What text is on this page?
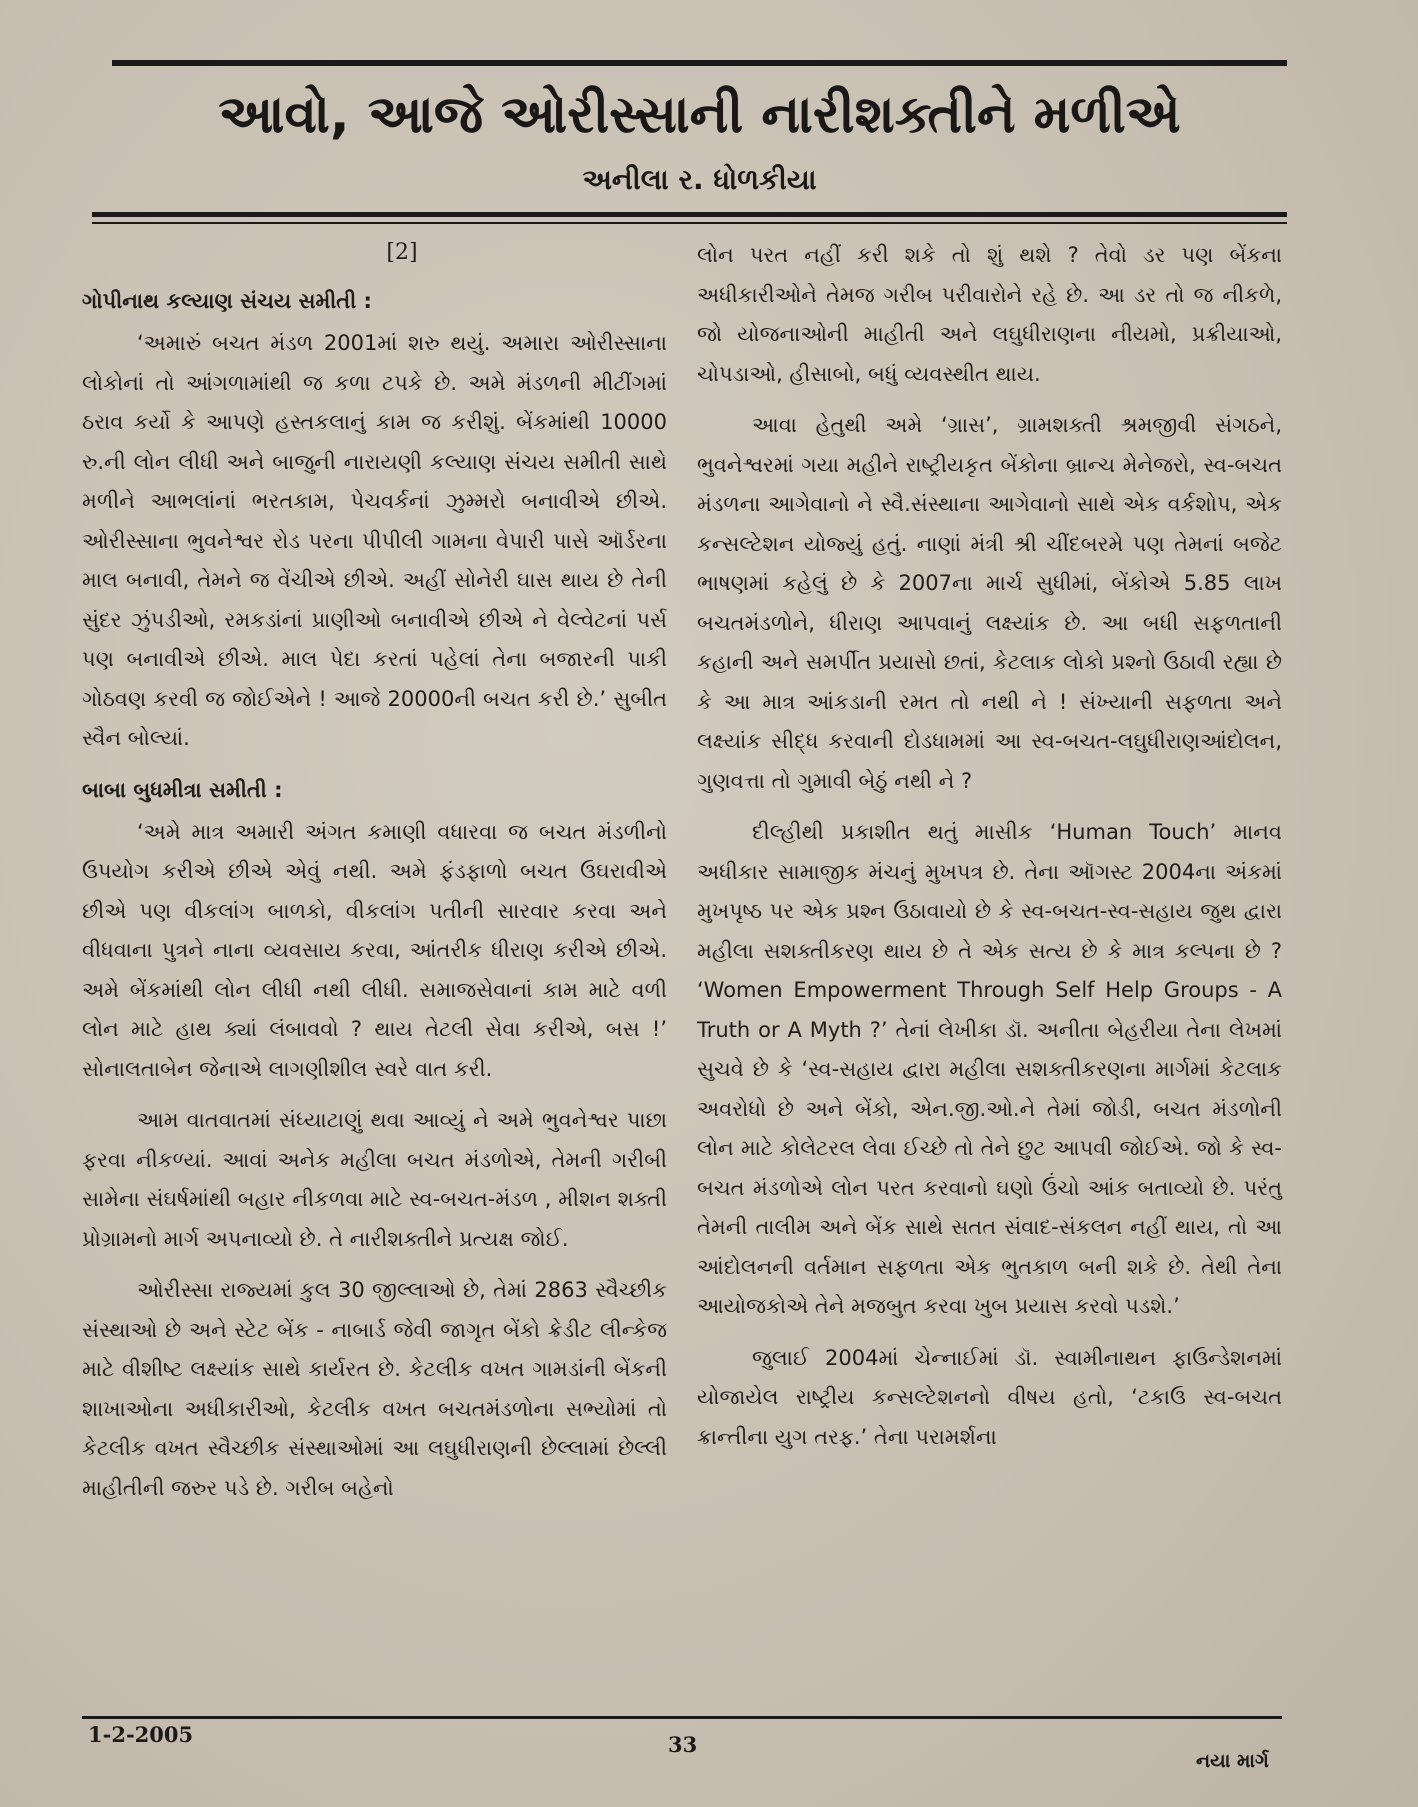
આવો, આજે ઓરીસ્સાની નારીશક્તીને મળીએ

અનીલા ર. ધોળકીયા

[2]

ગોપીનાથ કલ્યાણ સંચય સમીતી :

‘અમારું બચત મંડળ 2001માં શરુ થયું. અમારા ઓરીસ્સાના લોકોનાં તો આંગળામાંથી જ કળા ટપકે છે. અમે મંડળની મીટીંગમાં ઠરાવ કર્યો કે આપણે હસ્તકલાનું કામ જ કરીશું. બેંકમાંથી 10000 રુ.ની લોન લીધી અને બાજુની નારાયણી કલ્યાણ સંચય સમીતી સાથે મળીને આભલાંનાં ભરતકામ, પેચવર્કનાં ઝુમ્મરો બનાવીએ છીએ. ઓરીસ્સાના ભુવનેશ્વર રોડ પરના પીપીલી ગામના વેપારી પાસે ઑર્ડરના માલ બનાવી, તેમને જ વેંચીએ છીએ. અહીં સોનેરી ઘાસ થાય છે તેની સુંદર ઝુંપડીઓ, રમકડાંનાં પ્રાણીઓ બનાવીએ છીએ ને વેલ્વેટનાં પર્સ પણ બનાવીએ છીએ. માલ પેદા કરતાં પહેલાં તેના બજારની પાકી ગોઠવણ કરવી જ જોઈએને ! આજે 20000ની બચત કરી છે.’ સુબીત સ્વૈન બોલ્યાં.

બાબા બુધમીત્રા સમીતી :

‘અમે માત્ર અમારી અંગત કમાણી વધારવા જ બચત મંડળીનો ઉપયોગ કરીએ છીએ એવું નથી. અમે ફંડફાળો બચત ઉઘરાવીએ છીએ પણ વીકલાંગ બાળકો, વીકલાંગ પતીની સારવાર કરવા અને વીધવાના પુત્રને નાના વ્યવસાય કરવા, આંતરીક ધીરાણ કરીએ છીએ. અમે બેંકમાંથી લોન લીધી નથી લીધી. સમાજસેવાનાં કામ માટે વળી લોન માટે હાથ ક્યાં લંબાવવો ? થાય તેટલી સેવા કરીએ, બસ !’ સોનાલતાબેન જેનાએ લાગણીશીલ સ્વરે વાત કરી.

આમ વાતવાતમાં સંધ્યાટાણું થવા આવ્યું ને અમે ભુવનેશ્વર પાછા ફરવા નીકળ્યાં. આવાં અનેક મહીલા બચત મંડળોએ, તેમની ગરીબી સામેના સંઘર્ષમાંથી બહાર નીકળવા માટે સ્વ-બચત-મંડળ , મીશન શક્તી પ્રોગ્રામનો માર્ગ અપનાવ્યો છે. તે નારીશક્તીને પ્રત્યક્ષ જોઈ.

ઓરીસ્સા રાજ્યમાં કુલ 30 જીલ્લાઓ છે, તેમાં 2863 સ્વૈચ્છીક સંસ્થાઓ છે અને સ્ટેટ બેંક - નાબાર્ડ જેવી જાગૃત બેંકો ક્રેડીટ લીન્કેજ માટે વીશીષ્ટ લક્ષ્યાંક સાથે કાર્યરત છે. કેટલીક વખત ગામડાંની બેંકની શાખાઓના અધીકારીઓ, કેટલીક વખત બચતમંડળોના સભ્યોમાં તો કેટલીક વખત સ્વૈચ્છીક સંસ્થાઓમાં આ લઘુધીરાણની છેલ્લામાં છેલ્લી માહીતીની જરુર પડે છે. ગરીબ બહેનો

લોન પરત નહીં કરી શકે તો શું થશે ? તેવો ડર પણ બેંકના અધીકારીઓને તેમજ ગરીબ પરીવારોને રહે છે. આ ડર તો જ નીકળે, જો યોજનાઓની માહીતી અને લઘુધીરાણના નીયમો, પ્રક્રીયાઓ, ચોપડાઓ, હીસાબો, બધું વ્યવસ્થીત થાય.

આવા હેતુથી અમે ‘ગ્રાસ’, ગ્રામશક્તી શ્રમજીવી સંગઠને, ભુવનેશ્વરમાં ગયા મહીને રાષ્ટ્રીયકૃત બેંકોના બ્રાન્ચ મેનેજરો, સ્વ-બચત મંડળના આગેવાનો ને સ્વૈ.સંસ્થાના આગેવાનો સાથે એક વર્કશોપ, એક કન્સલ્ટેશન યોજ્યું હતું. નાણાં મંત્રી શ્રી ચીંદબરમે પણ તેમનાં બજેટ ભાષણમાં કહેલું છે કે 2007ના માર્ચ સુધીમાં, બેંકોએ 5.85 લાખ બચતમંડળોને, ધીરાણ આપવાનું લક્ષ્યાંક છે. આ બધી સફળતાની કહાની અને સમર્પીત પ્રયાસો છતાં, કેટલાક લોકો પ્રશ્નો ઉઠાવી રહ્યા છે કે આ માત્ર આંકડાની રમત તો નથી ને ! સંખ્યાની સફળતા અને લક્ષ્યાંક સીદ્ધ કરવાની દોડધામમાં આ સ્વ-બચત-લઘુધીરાણઆંદોલન, ગુણવત્તા તો ગુમાવી બેઠું નથી ને ?

દીલ્હીથી પ્રકાશીત થતું માસીક ‘Human Touch’ માનવ અધીકાર સામાજીક મંચનું મુખપત્ર છે. તેના ઑગસ્ટ 2004ના અંકમાં મુખપૃષ્ઠ પર એક પ્રશ્ન ઉઠાવાયો છે કે સ્વ-બચત-સ્વ-સહાય જુથ દ્વારા મહીલા સશક્તીકરણ થાય છે તે એક સત્ય છે કે માત્ર કલ્પના છે ? ‘Women Empowerment Through Self Help Groups - A Truth or A Myth ?’ તેનાં લેખીકા ડૉ. અનીતા બેહરીયા તેના લેખમાં સુચવે છે કે ‘સ્વ-સહાય દ્વારા મહીલા સશક્તીકરણના માર્ગમાં કેટલાક અવરોધો છે અને બેંકો, એન.જી.ઓ.ને તેમાં જોડી, બચત મંડળોની લોન માટે કોલેટરલ લેવા ઈચ્છે તો તેને છુટ આપવી જોઈએ. જો કે સ્વ-બચત મંડળોએ લોન પરત કરવાનો ઘણો ઉંચો આંક બતાવ્યો છે. પરંતુ તેમની તાલીમ અને બેંક સાથે સતત સંવાદ-સંકલન નહીં થાય, તો આ આંદોલનની વર્તમાન સફળતા એક ભુતકાળ બની શકે છે. તેથી તેના આયોજકોએ તેને મજબુત કરવા ખુબ પ્રયાસ કરવો પડશે.’

જુલાઈ 2004માં ચેન્નાઈમાં ડૉ. સ્વામીનાથન ફાઉન્ડેશનમાં યોજાયેલ રાષ્ટ્રીય કન્સલ્ટેશનનો વીષય હતો, ‘ટકાઉ સ્વ-બચત ક્રાન્તીના યુગ તરફ.’ તેના પરામર્શના

1-2-2005	33

નયા માર્ગ
